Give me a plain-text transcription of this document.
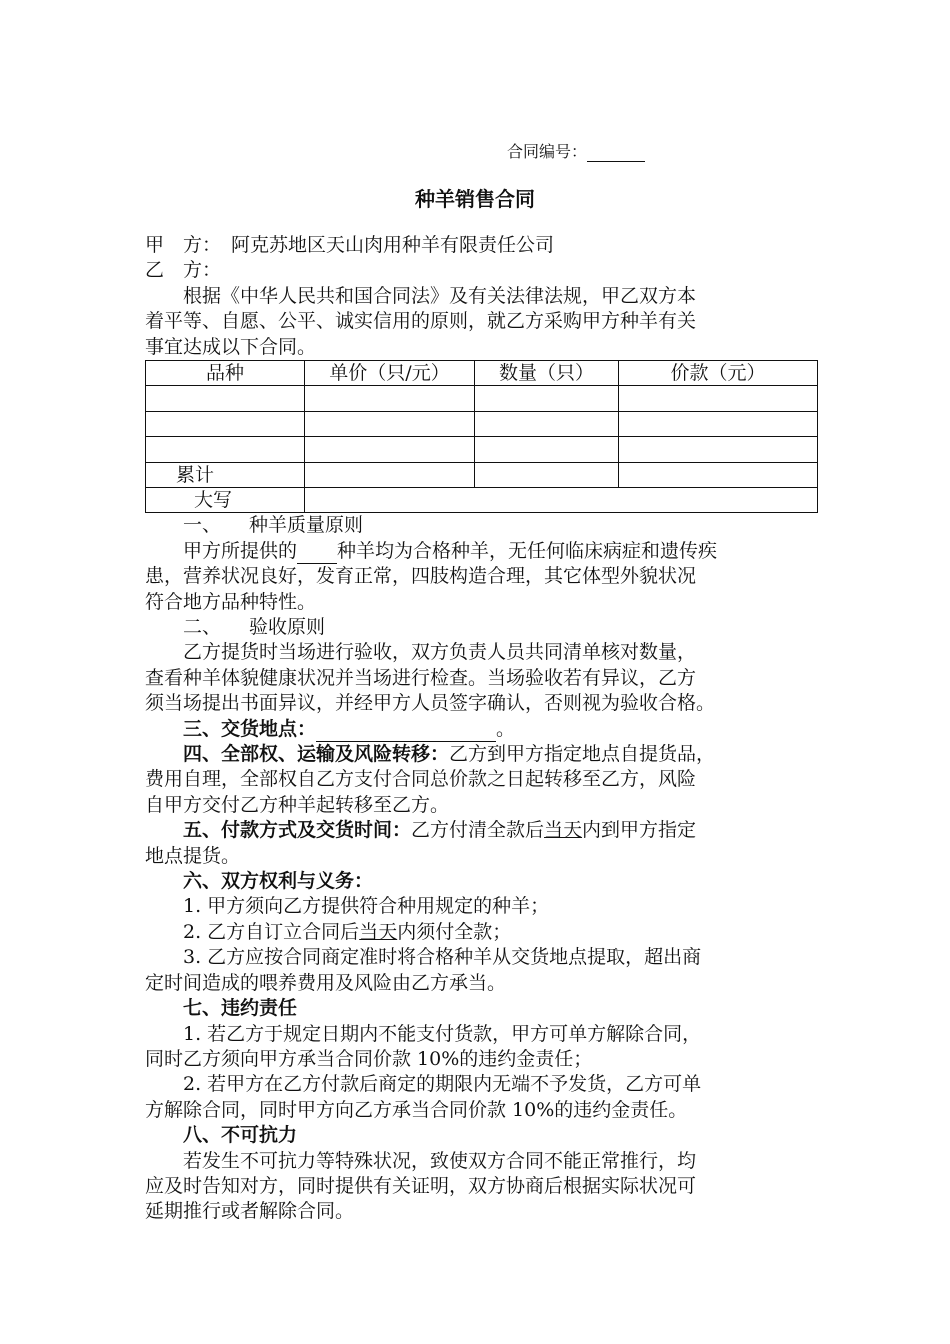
合同编号：
种羊销售合同
甲　方： 阿克苏地区天山肉用种羊有限责任公司
乙　方：
根据《中华人民共和国合同法》及有关法律法规，甲乙双方本
着平等、自愿、公平、诚实信用的原则，就乙方采购甲方种羊有关
事宜达成以下合同。
品种	单价（只/元）	数量（只）	价款（元）

累计			
大写			
一、 种羊质量原则
甲方所提供的 种羊均为合格种羊，无任何临床病症和遗传疾
患，营养状况良好，发育正常，四肢构造合理，其它体型外貌状况
符合地方品种特性。
二、 验收原则
乙方提货时当场进行验收，双方负责人员共同清单核对数量，
查看种羊体貌健康状况并当场进行检查。当场验收若有异议，乙方
须当场提出书面异议，并经甲方人员签字确认，否则视为验收合格。
三、交货地点：	。
四、全部权、运输及风险转移：乙方到甲方指定地点自提货品，
费用自理，全部权自乙方支付合同总价款之日起转移至乙方，风险
自甲方交付乙方种羊起转移至乙方。
五、付款方式及交货时间：乙方付清全款后当天内到甲方指定
地点提货。
六、双方权利与义务：
1. 甲方须向乙方提供符合种用规定的种羊；
2. 乙方自订立合同后当天内须付全款；
3. 乙方应按合同商定准时将合格种羊从交货地点提取，超出商
定时间造成的喂养费用及风险由乙方承当。
七、违约责任
1. 若乙方于规定日期内不能支付货款，甲方可单方解除合同，
同时乙方须向甲方承当合同价款 10%的违约金责任；
2. 若甲方在乙方付款后商定的期限内无端不予发货，乙方可单
方解除合同，同时甲方向乙方承当合同价款 10%的违约金责任。
八、不可抗力
若发生不可抗力等特殊状况，致使双方合同不能正常推行，均
应及时告知对方，同时提供有关证明，双方协商后根据实际状况可
延期推行或者解除合同。
